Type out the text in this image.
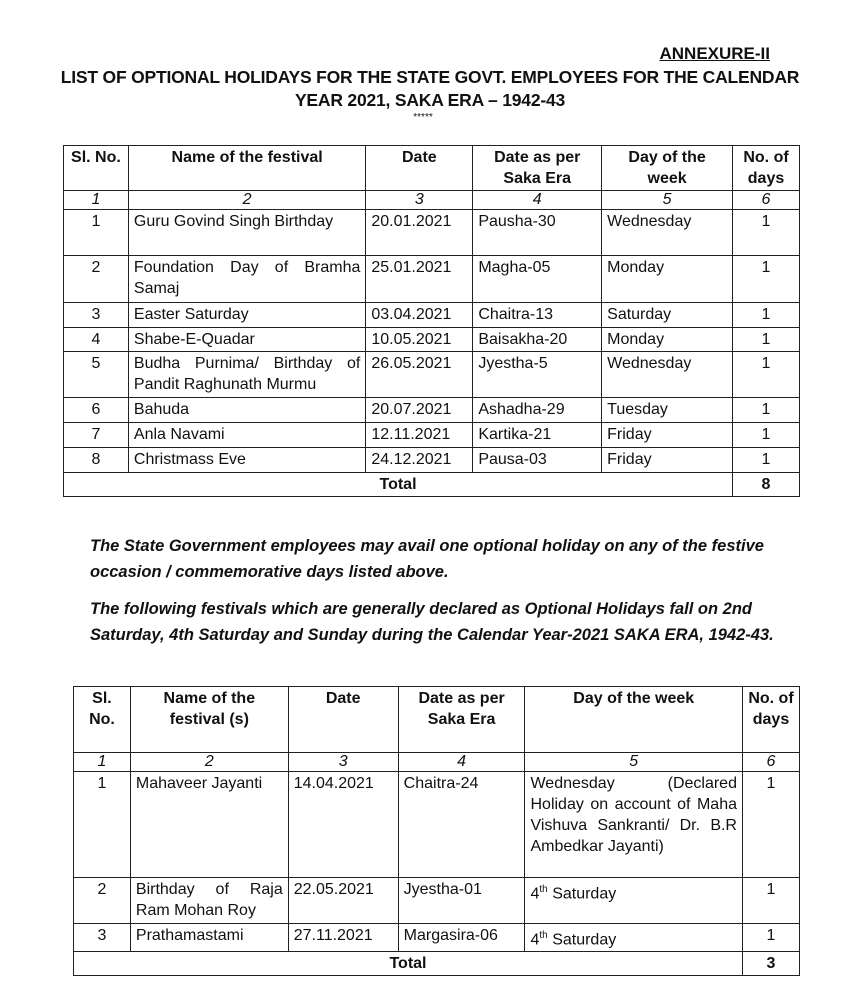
ANNEXURE-II
LIST OF OPTIONAL HOLIDAYS FOR THE STATE GOVT. EMPLOYEES FOR THE CALENDAR YEAR 2021, SAKA ERA – 1942-43
*****
Sl. No.	Name of the festival	Date	Date as per Saka Era	Day of the week	No. of days
1	2	3	4	5	6
1	Guru Govind Singh Birthday	20.01.2021	Pausha-30	Wednesday	1
2	Foundation Day of Bramha Samaj	25.01.2021	Magha-05	Monday	1
3	Easter Saturday	03.04.2021	Chaitra-13	Saturday	1
4	Shabe-E-Quadar	10.05.2021	Baisakha-20	Monday	1
5	Budha Purnima/ Birthday of Pandit Raghunath Murmu	26.05.2021	Jyestha-5	Wednesday	1
6	Bahuda	20.07.2021	Ashadha-29	Tuesday	1
7	Anla Navami	12.11.2021	Kartika-21	Friday	1
8	Christmass Eve	24.12.2021	Pausa-03	Friday	1
Total					8
The State Government employees may avail one optional holiday on any of the festive occasion / commemorative days listed above.
The following festivals which are generally declared as Optional Holidays fall on 2nd Saturday, 4th Saturday and Sunday during the Calendar Year-2021 SAKA ERA, 1942-43.
Sl. No.	Name of the festival (s)	Date	Date as per Saka Era	Day of the week	No. of days
1	2	3	4	5	6
1	Mahaveer Jayanti	14.04.2021	Chaitra-24	Wednesday (Declared Holiday on account of Maha Vishuva Sankranti/ Dr. B.R Ambedkar Jayanti)	1
2	Birthday of Raja Ram Mohan Roy	22.05.2021	Jyestha-01	4th Saturday	1
3	Prathamastami	27.11.2021	Margasira-06	4th Saturday	1
Total					3
